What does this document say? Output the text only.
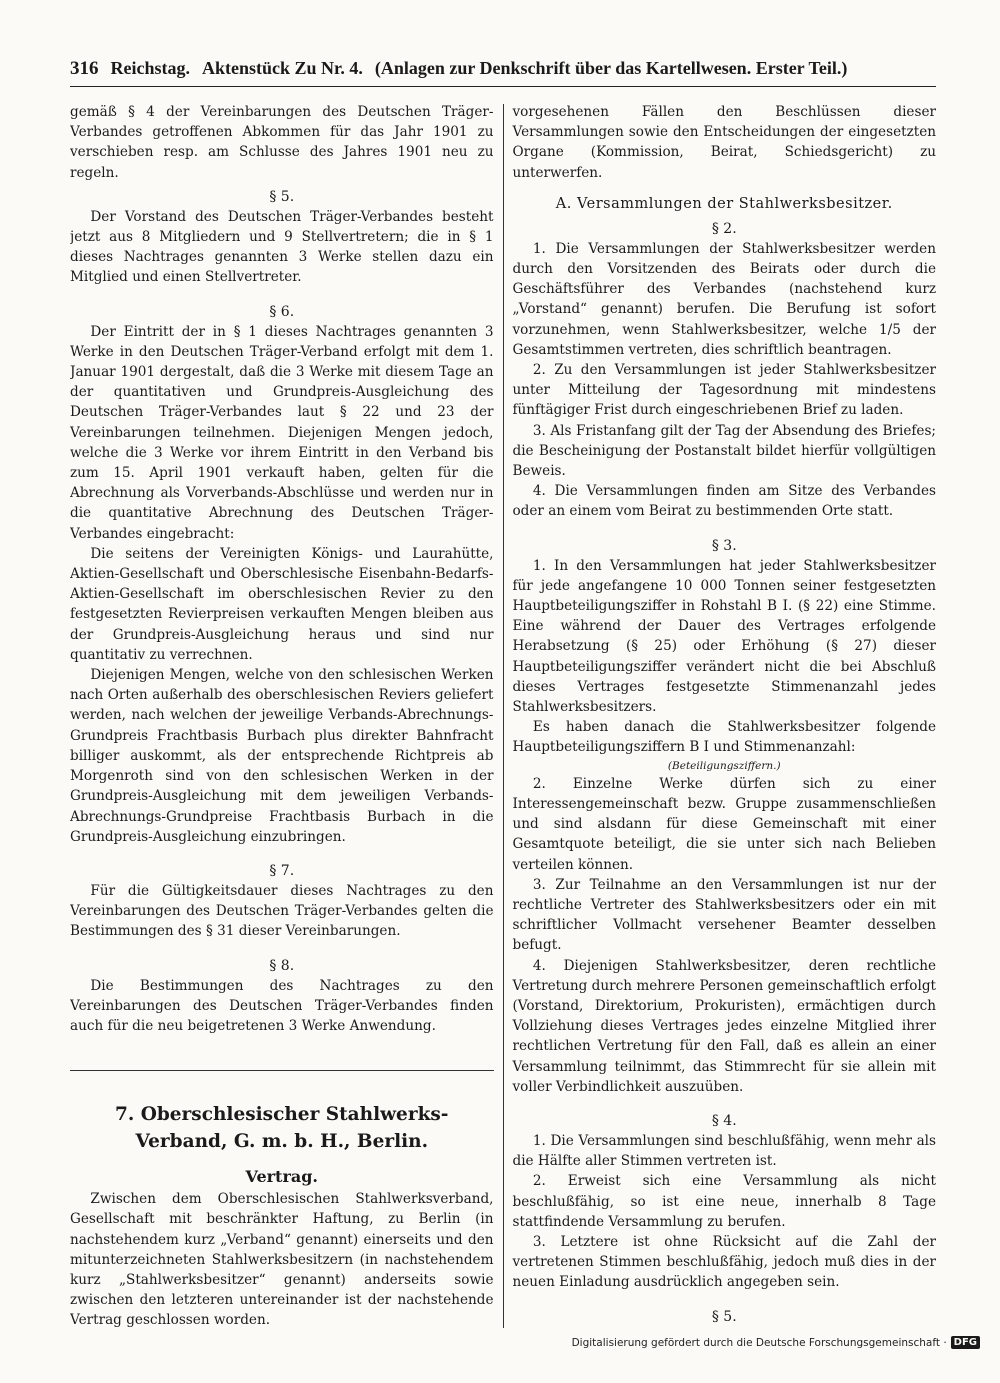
316 Reichstag. Aktenstück Zu Nr. 4. (Anlagen zur Denkschrift über das Kartellwesen. Erster Teil.)

gemäß § 4 der Vereinbarungen des Deutschen Träger-Verbandes getroffenen Abkommen für das Jahr 1901 zu verschieben resp. am Schlusse des Jahres 1901 neu zu regeln.

§ 5.

Der Vorstand des Deutschen Träger-Verbandes besteht jetzt aus 8 Mitgliedern und 9 Stellvertretern; die in § 1 dieses Nachtrages genannten 3 Werke stellen dazu ein Mitglied und einen Stellvertreter.

§ 6.

Der Eintritt der in § 1 dieses Nachtrages genannten 3 Werke in den Deutschen Träger-Verband erfolgt mit dem 1. Januar 1901 dergestalt, daß die 3 Werke mit diesem Tage an der quantitativen und Grundpreis-Ausgleichung des Deutschen Träger-Verbandes laut § 22 und 23 der Vereinbarungen teilnehmen. Diejenigen Mengen jedoch, welche die 3 Werke vor ihrem Eintritt in den Verband bis zum 15. April 1901 verkauft haben, gelten für die Abrechnung als Vorverbands-Abschlüsse und werden nur in die quantitative Abrechnung des Deutschen Träger-Verbandes eingebracht:

Die seitens der Vereinigten Königs- und Laurahütte, Aktien-Gesellschaft und Oberschlesische Eisenbahn-Bedarfs-Aktien-Gesellschaft im oberschlesischen Revier zu den festgesetzten Revierpreisen verkauften Mengen bleiben aus der Grundpreis-Ausgleichung heraus und sind nur quantitativ zu verrechnen.

Diejenigen Mengen, welche von den schlesischen Werken nach Orten außerhalb des oberschlesischen Reviers geliefert werden, nach welchen der jeweilige Verbands-Abrechnungs-Grundpreis Frachtbasis Burbach plus direkter Bahnfracht billiger auskommt, als der entsprechende Richtpreis ab Morgenroth sind von den schlesischen Werken in der Grundpreis-Ausgleichung mit dem jeweiligen Verbands-Abrechnungs-Grundpreise Frachtbasis Burbach in die Grundpreis-Ausgleichung einzubringen.

§ 7.

Für die Gültigkeitsdauer dieses Nachtrages zu den Vereinbarungen des Deutschen Träger-Verbandes gelten die Bestimmungen des § 31 dieser Vereinbarungen.

§ 8.

Die Bestimmungen des Nachtrages zu den Vereinbarungen des Deutschen Träger-Verbandes finden auch für die neu beigetretenen 3 Werke Anwendung.

7. Oberschlesischer Stahlwerks-Verband, G. m. b. H., Berlin.
Vertrag.

Zwischen dem Oberschlesischen Stahlwerksverband, Gesellschaft mit beschränkter Haftung, zu Berlin (in nachstehendem kurz „Verband“ genannt) einerseits und den mitunterzeichneten Stahlwerksbesitzern (in nachstehendem kurz „Stahlwerksbesitzer“ genannt) anderseits sowie zwischen den letzteren untereinander ist der nachstehende Vertrag geschlossen worden.

vorgesehenen Fällen den Beschlüssen dieser Versammlungen sowie den Entscheidungen der eingesetzten Organe (Kommission, Beirat, Schiedsgericht) zu unterwerfen.

A. Versammlungen der Stahlwerksbesitzer.
§ 2.

1. Die Versammlungen der Stahlwerksbesitzer werden durch den Vorsitzenden des Beirats oder durch die Geschäftsführer des Verbandes (nachstehend kurz „Vorstand“ genannt) berufen. Die Berufung ist sofort vorzunehmen, wenn Stahlwerksbesitzer, welche 1/5 der Gesamtstimmen vertreten, dies schriftlich beantragen.

2. Zu den Versammlungen ist jeder Stahlwerksbesitzer unter Mitteilung der Tagesordnung mit mindestens fünftägiger Frist durch eingeschriebenen Brief zu laden.

3. Als Fristanfang gilt der Tag der Absendung des Briefes; die Bescheinigung der Postanstalt bildet hierfür vollgültigen Beweis.

4. Die Versammlungen finden am Sitze des Verbandes oder an einem vom Beirat zu bestimmenden Orte statt.

§ 3.

1. In den Versammlungen hat jeder Stahlwerksbesitzer für jede angefangene 10 000 Tonnen seiner festgesetzten Hauptbeteiligungsziffer in Rohstahl B I. (§ 22) eine Stimme. Eine während der Dauer des Vertrages erfolgende Herabsetzung (§ 25) oder Erhöhung (§ 27) dieser Hauptbeteiligungsziffer verändert nicht die bei Abschluß dieses Vertrages festgesetzte Stimmenanzahl jedes Stahlwerksbesitzers.

Es haben danach die Stahlwerksbesitzer folgende Hauptbeteiligungsziffern B I und Stimmenanzahl:

(Beteiligungsziffern.)

2. Einzelne Werke dürfen sich zu einer Interessengemeinschaft bezw. Gruppe zusammenschließen und sind alsdann für diese Gemeinschaft mit einer Gesamtquote beteiligt, die sie unter sich nach Belieben verteilen können.

3. Zur Teilnahme an den Versammlungen ist nur der rechtliche Vertreter des Stahlwerksbesitzers oder ein mit schriftlicher Vollmacht versehener Beamter desselben befugt.

4. Diejenigen Stahlwerksbesitzer, deren rechtliche Vertretung durch mehrere Personen gemeinschaftlich erfolgt (Vorstand, Direktorium, Prokuristen), ermächtigen durch Vollziehung dieses Vertrages jedes einzelne Mitglied ihrer rechtlichen Vertretung für den Fall, daß es allein an einer Versammlung teilnimmt, das Stimmrecht für sie allein mit voller Verbindlichkeit auszuüben.

§ 4.

1. Die Versammlungen sind beschlußfähig, wenn mehr als die Hälfte aller Stimmen vertreten ist.

2. Erweist sich eine Versammlung als nicht beschlußfähig, so ist eine neue, innerhalb 8 Tage stattfindende Versammlung zu berufen.

3. Letztere ist ohne Rücksicht auf die Zahl der vertretenen Stimmen beschlußfähig, jedoch muß dies in der neuen Einladung ausdrücklich angegeben sein.

§ 5.

Digitalisierung gefördert durch die Deutsche Forschungsgemeinschaft · DFG
